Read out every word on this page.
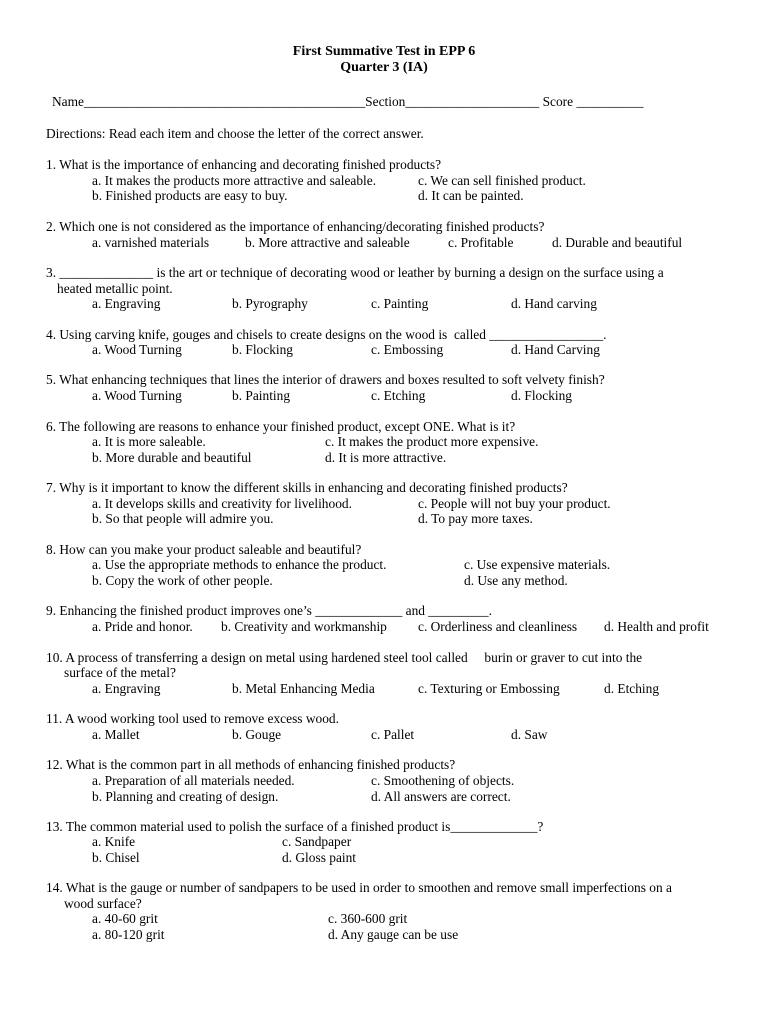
First Summative Test in EPP 6
Quarter 3 (IA)
Name__________________________________________Section____________________ Score __________
Directions: Read each item and choose the letter of the correct answer.
1. What is the importance of enhancing and decorating finished products?
a. It makes the products more attractive and saleable.	c. We can sell finished product.
b. Finished products are easy to buy.	d. It can be painted.
2. Which one is not considered as the importance of enhancing/decorating finished products?
a. varnished materials	b. More attractive and saleable	c. Profitable	d. Durable and beautiful
3. ______________ is the art or technique of decorating wood or leather by burning a design on the surface using a
heated metallic point.
a. Engraving	b. Pyrography	c. Painting	d. Hand carving
4. Using carving knife, gouges and chisels to create designs on the wood is  called _________________.
a. Wood Turning	b. Flocking	c. Embossing	d. Hand Carving
5. What enhancing techniques that lines the interior of drawers and boxes resulted to soft velvety finish?
a. Wood Turning	b. Painting	c. Etching	d. Flocking
6. The following are reasons to enhance your finished product, except ONE. What is it?
a. It is more saleable.	c. It makes the product more expensive.
b. More durable and beautiful	d. It is more attractive.
7. Why is it important to know the different skills in enhancing and decorating finished products?
a. It develops skills and creativity for livelihood.	c. People will not buy your product.
b. So that people will admire you.	d. To pay more taxes.
8. How can you make your product saleable and beautiful?
a. Use the appropriate methods to enhance the product.	c. Use expensive materials.
b. Copy the work of other people.	d. Use any method.
9. Enhancing the finished product improves one’s _____________ and _________.
a. Pride and honor. b. Creativity and workmanship c. Orderliness and cleanliness d. Health and profit
10. A process of transferring a design on metal using hardened steel tool called     burin or graver to cut into the
surface of the metal?
a. Engraving	b. Metal Enhancing Media	c. Texturing or Embossing	d. Etching
11. A wood working tool used to remove excess wood.
a. Mallet	b. Gouge	c. Pallet	d. Saw
12. What is the common part in all methods of enhancing finished products?
a. Preparation of all materials needed.	c. Smoothening of objects.
b. Planning and creating of design.	d. All answers are correct.
13. The common material used to polish the surface of a finished product is_____________?
a. Knife	c. Sandpaper
b. Chisel	d. Gloss paint
14. What is the gauge or number of sandpapers to be used in order to smoothen and remove small imperfections on a
wood surface?
a. 40-60 grit	c. 360-600 grit
a. 80-120 grit	d. Any gauge can be use
